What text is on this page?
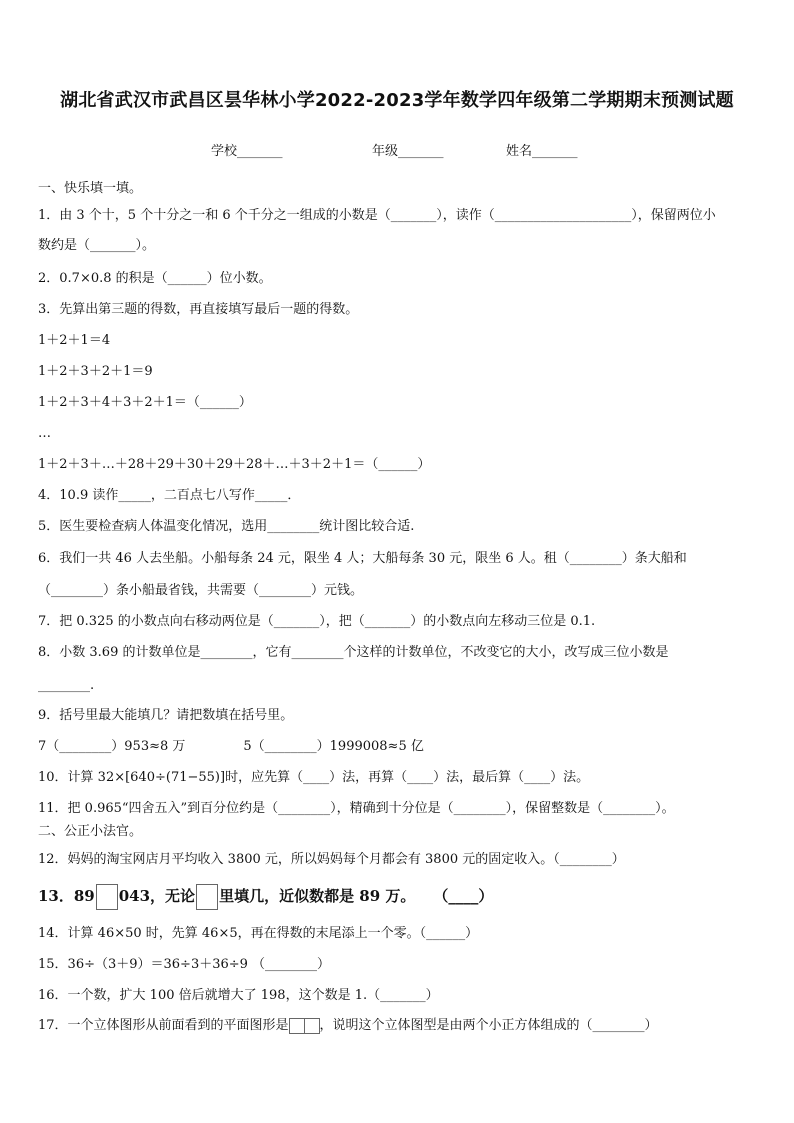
湖北省武汉市武昌区昙华林小学2022-2023学年数学四年级第二学期期末预测试题
学校_______	年级_______	姓名_______
一、快乐填一填。
1．由 3 个十，5 个十分之一和 6 个千分之一组成的小数是（_______），读作（_____________________），保留两位小
数约是（_______）。
2．0.7×0.8 的积是（______）位小数。
3．先算出第三题的得数，再直接填写最后一题的得数。
1＋2＋1＝4
1＋2＋3＋2＋1＝9
1＋2＋3＋4＋3＋2＋1＝（______）
…
1＋2＋3＋…＋28＋29＋30＋29＋28＋…＋3＋2＋1＝（______）
4．10.9 读作_____，二百点七八写作_____．
5．医生要检查病人体温变化情况，选用________统计图比较合适.
6．我们一共 46 人去坐船。小船每条 24 元，限坐 4 人；大船每条 30 元，限坐 6 人。租（________）条大船和
（________）条小船最省钱，共需要（________）元钱。
7．把 0.325 的小数点向右移动两位是（_______），把（_______）的小数点向左移动三位是 0.1.
8．小数 3.69 的计数单位是________，它有________个这样的计数单位，不改变它的大小，改写成三位小数是
________.
9．括号里最大能填几？请把数填在括号里。
7（________）953≈8 万	5（________）1999008≈5 亿
10．计算 32×[640÷(71−55)]时，应先算（____）法，再算（____）法，最后算（____）法。
11．把 0.965“四舍五入”到百分位约是（________），精确到十分位是（________），保留整数是（________）。
二、公正小法官。
12．妈妈的淘宝网店月平均收入 3800 元，所以妈妈每个月都会有 3800 元的固定收入。（________）
13．89 043，无论 里填几，近似数都是 89 万。 （____）
14．计算 46×50 时，先算 46×5，再在得数的末尾添上一个零。（______）
15．36÷（3＋9）＝36÷3＋36÷9 （________）
16．一个数，扩大 100 倍后就增大了 198，这个数是 1.（_______）
17．一个立体图形从前面看到的平面图形是 ，说明这个立体图型是由两个小正方体组成的（________）
